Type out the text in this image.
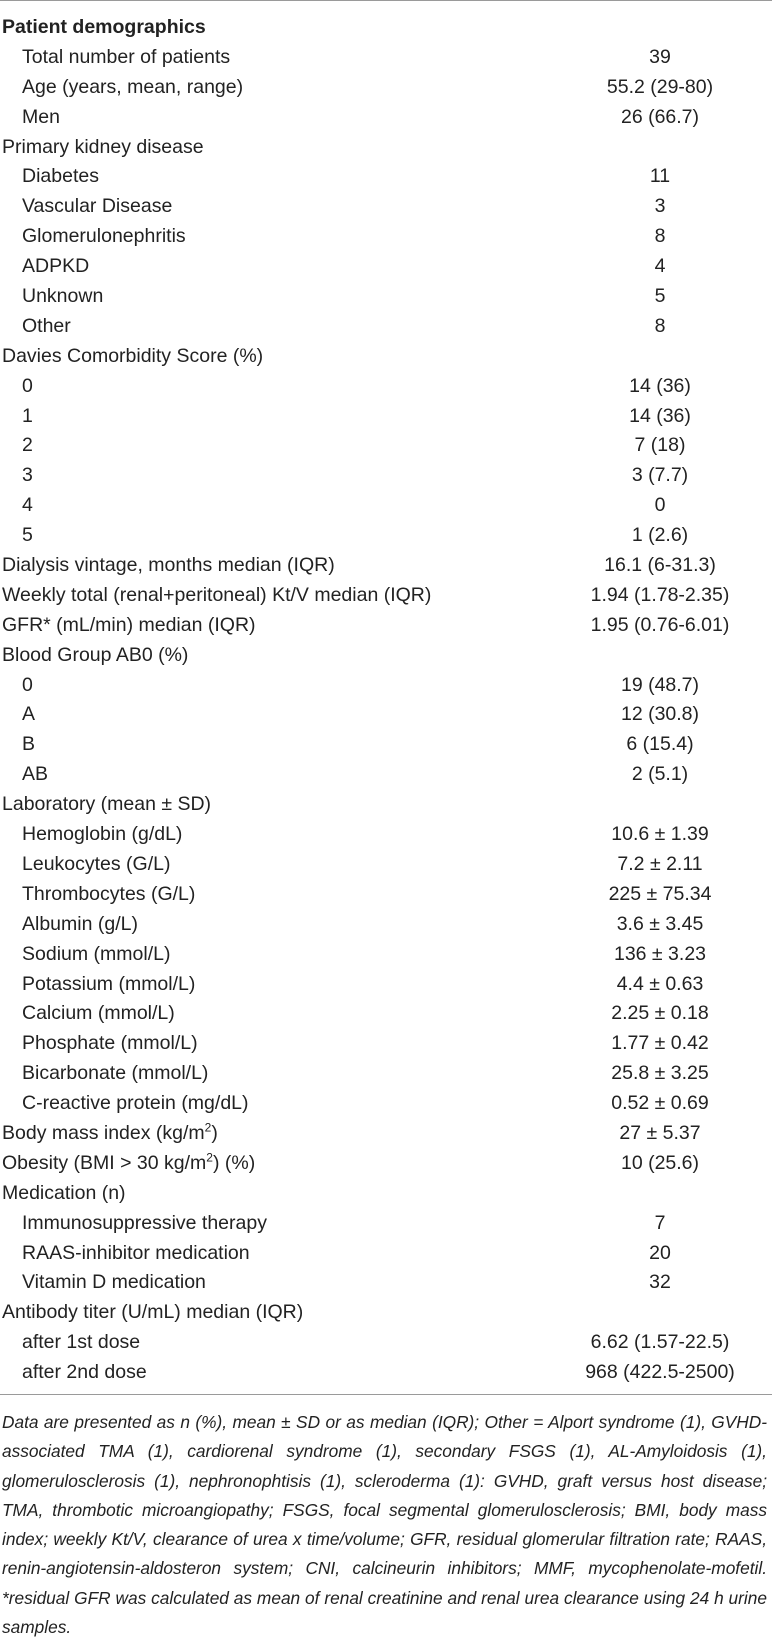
Patient demographics
Total number of patients	39
Age (years, mean, range)	55.2 (29-80)
Men	26 (66.7)
Primary kidney disease
Diabetes	11
Vascular Disease	3
Glomerulonephritis	8
ADPKD	4
Unknown	5
Other	8
Davies Comorbidity Score (%)
0	14 (36)
1	14 (36)
2	7 (18)
3	3 (7.7)
4	0
5	1 (2.6)
Dialysis vintage, months median (IQR)	16.1 (6-31.3)
Weekly total (renal+peritoneal) Kt/V median (IQR)	1.94 (1.78-2.35)
GFR* (mL/min) median (IQR)	1.95 (0.76-6.01)
Blood Group AB0 (%)
0	19 (48.7)
A	12 (30.8)
B	6 (15.4)
AB	2 (5.1)
Laboratory (mean ± SD)
Hemoglobin (g/dL)	10.6 ± 1.39
Leukocytes (G/L)	7.2 ± 2.11
Thrombocytes (G/L)	225 ± 75.34
Albumin (g/L)	3.6 ± 3.45
Sodium (mmol/L)	136 ± 3.23
Potassium (mmol/L)	4.4 ± 0.63
Calcium (mmol/L)	2.25 ± 0.18
Phosphate (mmol/L)	1.77 ± 0.42
Bicarbonate (mmol/L)	25.8 ± 3.25
C-reactive protein (mg/dL)	0.52 ± 0.69
Body mass index $(kg/m^2)$	27 ± 5.37
Obesity (BMI > 30 $kg/m^2$) (%)	10 (25.6)
Medication (n)
Immunosuppressive therapy	7
RAAS-inhibitor medication	20
Vitamin D medication	32
Antibody titer (U/mL) median (IQR)
after 1st dose	6.62 (1.57-22.5)
after 2nd dose	968 (422.5-2500)
Data are presented as n (%), mean ± SD or as median (IQR); Other = Alport syndrome (1), GVHD-associated TMA (1), cardiorenal syndrome (1), secondary FSGS (1), AL-Amyloidosis (1), glomerulosclerosis (1), nephronophtisis (1), scleroderma (1): GVHD, graft versus host disease; TMA, thrombotic microangiopathy; FSGS, focal segmental glomerulosclerosis; BMI, body mass index; weekly Kt/V, clearance of urea x time/volume; GFR, residual glomerular filtration rate; RAAS, renin-angiotensin-aldosteron system; CNI, calcineurin inhibitors; MMF, mycophenolate-mofetil. *residual GFR was calculated as mean of renal creatinine and renal urea clearance using 24 h urine samples.
